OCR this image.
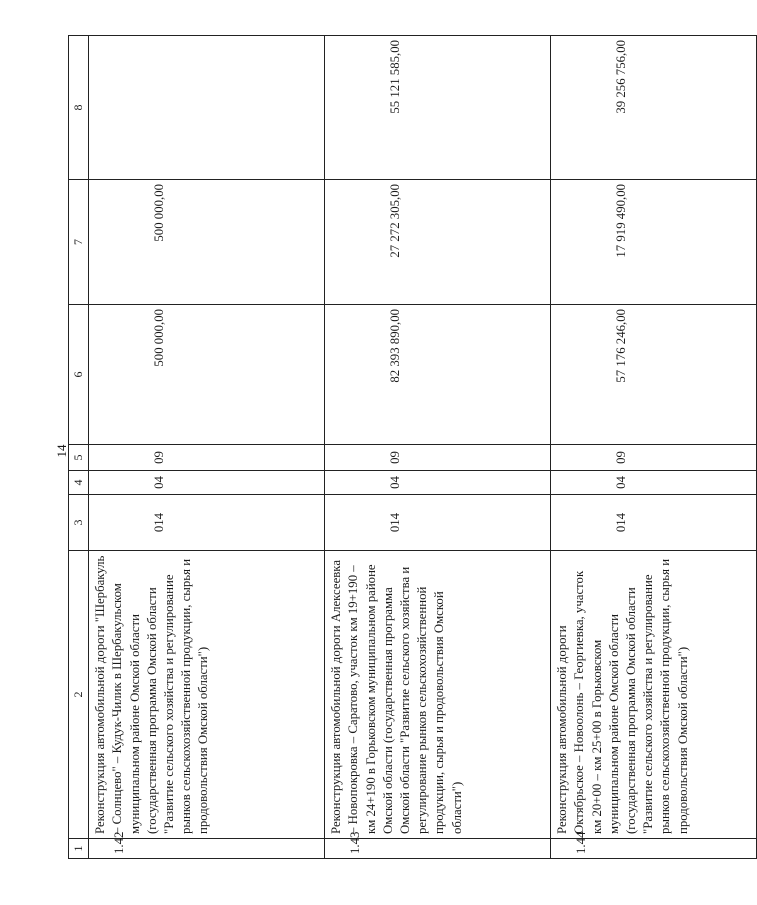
14
1	2	3	4	5	6	7	8
1.42	Реконструкция автомобильной дороги "Шербакуль – Солнцево" – Кудук-Чилик в Шербакульском муниципальном районе Омской области (государственная программа Омской области "Развитие сельского хозяйства и регулирование рынков сельскохозяйственной продукции, сырья и продовольствия Омской области")	014	04	09	500 000,00	500 000,00	
1.43	Реконструкция автомобильной дороги Алексеевка – Новопокровка – Саратово, участок км 19+190 – км 24+190 в Горьковском муниципальном районе Омской области (государственная программа Омской области "Развитие сельского хозяйства и регулирование рынков сельскохозяйственной продукции, сырья и продовольствия Омской области")	014	04	09	82 393 890,00	27 272 305,00	55 121 585,00
1.44	Реконструкция автомобильной дороги Октябрьское – Новоолонь – Георгиевка, участок км 20+00 – км 25+00 в Горьковском муниципальном районе Омской области (государственная программа Омской области "Развитие сельского хозяйства и регулирование рынков сельскохозяйственной продукции, сырья и продовольствия Омской области")	014	04	09	57 176 246,00	17 919 490,00	39 256 756,00
